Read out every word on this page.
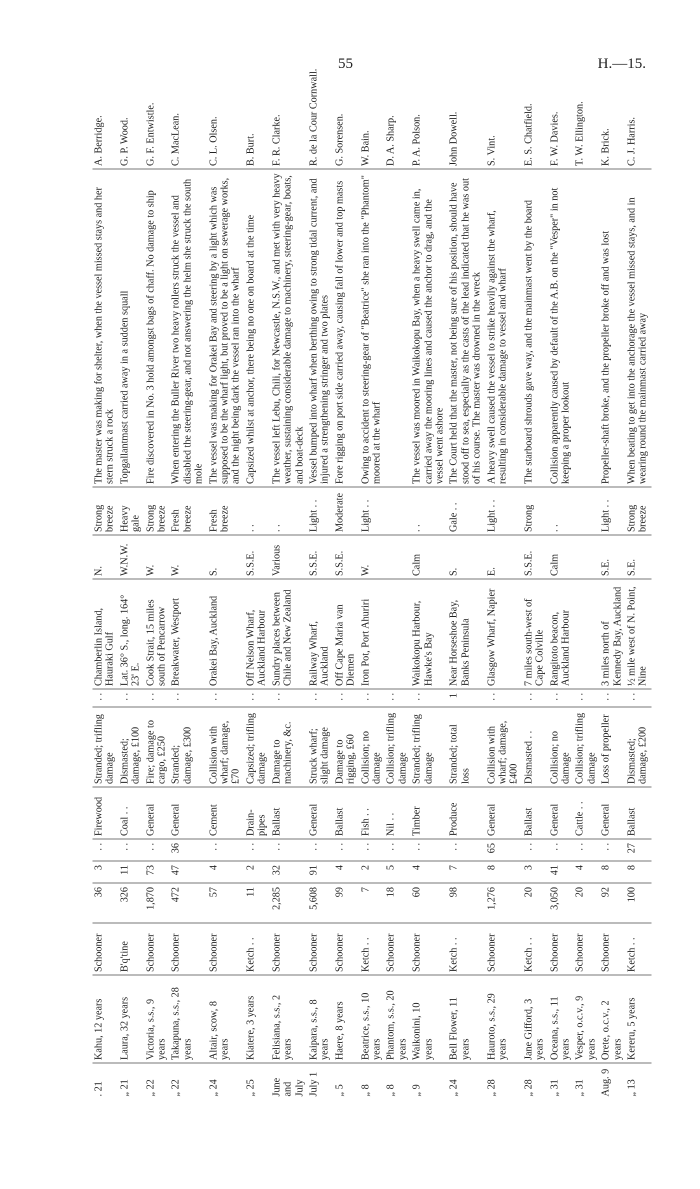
55	H.—15.
. 21	Kahu, 12 years	Schooner	36	3	. .	Firewood	Stranded; trifling damage	. .	Chamberlin Island, Hauraki Gulf	N.	Strong breeze	The master was making for shelter, when the vessel missed stays and her stern struck a rock	A. Berridge.
„ 21	Laura, 32 years	B'q'tine	326	11	. .	Coal . .	Dismasted; damage, £100	. .	Lat. 36° S., long. 164° 23' E.	W.N.W.	Heavy gale	Topgallantmast carried away in a sudden squall	G. P. Wood.
„ 22	Victoria, s.s., 9 years	Schooner	1,870	73	. .	General	Fire; damage to cargo, £250	. .	Cook Strait, 15 miles south of Pencarrow	W.	Strong breeze	Fire discovered in No. 3 hold amongst bags of chaff. No damage to ship	G. F. Entwistle.
„ 22	Takapuna, s.s., 28 years	Schooner	472	47	36	General	Stranded; damage, £300	. .	Breakwater, Westport	W.	Fresh breeze	When entering the Buller River two heavy rollers struck the vessel and disabled the steering-gear, and not answering the helm she struck the south mole	C. MacLean.
„ 24	Altair, scow, 8 years	Schooner	57	4	. .	Cement	Collision with wharf; damage, £70	. .	Orakei Bay, Auckland	S.	Fresh breeze	The vessel was making for Orakei Bay and steering by a light which was supposed to be the wharf light, but proved to be a light on sewerage works, and the night being dark the vessel ran into the wharf	C. L. Olsen.
„ 25	Kiatere, 3 years	Ketch . .	11	2	. .	Drain-pipes	Capsized; trifling damage	. .	Off Nelson Wharf, Auckland Harbour	S.S.E.	. .	Capsized whilst at anchor, there being no one on board at the time	B. Burt.
June and July	Felisiana, s.s., 2 years	Schooner	2,285	32	. .	Ballast	Damage to machinery, &c.	. .	Sundry places between Chile and New Zealand	Various	. .	The vessel left Lebu, Chili, for Newcastle, N.S.W., and met with very heavy weather, sustaining considerable damage to machinery, steering-gear, boats, and boat-deck	F. R. Clarke.
July 1	Kaipara, s.s., 8 years	Schooner	5,608	91	. .	General	Struck wharf; slight damage	. .	Railway Wharf, Auckland	S.S.E.	Light . .	Vessel bumped into wharf when berthing owing to strong tidal current, and injured a strengthening stringer and two plates	R. de la Cour Cornwall.
„ 5	Haere, 8 years	Schooner	99	4	. .	Ballast	Damage to rigging, £60	. .	Off Cape Maria van Diemen	S.S.E.	Moderate	Fore rigging on port side carried away, causing fall of lower and top masts	G. Sorensen.
„ 8	Beatrice, s.s., 10 years	Ketch . .	7	2	. .	Fish . .	Collision; no damage	. .	Iron Pot, Port Ahuriri	W.	Light . .	Owing to accident to steering-gear of "Beatrice" she ran into the "Phantom" moored at the wharf	W. Bain.
„ 8	Phantom, s.s., 20 years	Schooner	18	5	. .	Nil . .	Collision; trifling damage	. .					D. A. Sharp.
„ 9	Waikonini, 10 years	Schooner	60	4	. .	Timber	Stranded; trifling damage	. .	Waikokopu Harbour, Hawke's Bay	Calm	. .	The vessel was moored in Waikokopu Bay, when a heavy swell came in, carried away the mooring lines and caused the anchor to drag, and the vessel went ashore	P. A. Polson.
„ 24	Bell Flower, 11 years	Ketch . .	98	7	. .	Produce	Stranded; total loss	1	Near Horseshoe Bay, Banks Peninsula	S.	Gale . .	The Court held that the master, not being sure of his position, should have stood off to sea, especially as the casts of the lead indicated that he was out of his course. The master was drowned in the wreck	John Dowell.
„ 28	Hauroto, s.s., 29 years	Schooner	1,276	8	65	General	Collision with wharf; damage, £400	. .	Glasgow Wharf, Napier	E.	Light . .	A heavy swell caused the vessel to strike heavily against the wharf, resulting in considerable damage to vessel and wharf	S. Vint.
„ 28	Jane Gifford, 3 years	Ketch . .	20	3	. .	Ballast	Dismasted . .	. .	7 miles south-west of Cape Colville	S.S.E.	Strong	The starboard shrouds gave way, and the mainmast went by the board	E. S. Chatfield.
„ 31	Oceana, s.s., 11 years	Schooner	3,050	41	. .	General	Collision; no damage	. .	Rangitoto beacon, Auckland Harbour	Calm	. .	Collision apparently caused by default of the A.B. on the "Vesper" in not keeping a proper lookout	F. W. Davies.
„ 31	Vesper, o.c.v., 9 years	Schooner	20	4	. .	Cattle . .	Collision; trifling damage	. .					T. W. Ellington.
Aug. 9	Orete, o.c.v., 2 years	Schooner	92	8	. .	General	Loss of propeller	. .	3 miles north of Kennedy Bay, Auckland	S.E.	Light . .	Propeller-shaft broke, and the propeller broke off and was lost	K. Brick.
„ 13	Kereru, 5 years	Ketch . .	100	8	27	Ballast	Dismasted; damage, £200	. .	½ mile west of N. Point, Nine	S.E.	Strong breeze	When beating to get into the anchorage the vessel missed stays, and in wearing round the mainmast carried away	C. J. Harris.
